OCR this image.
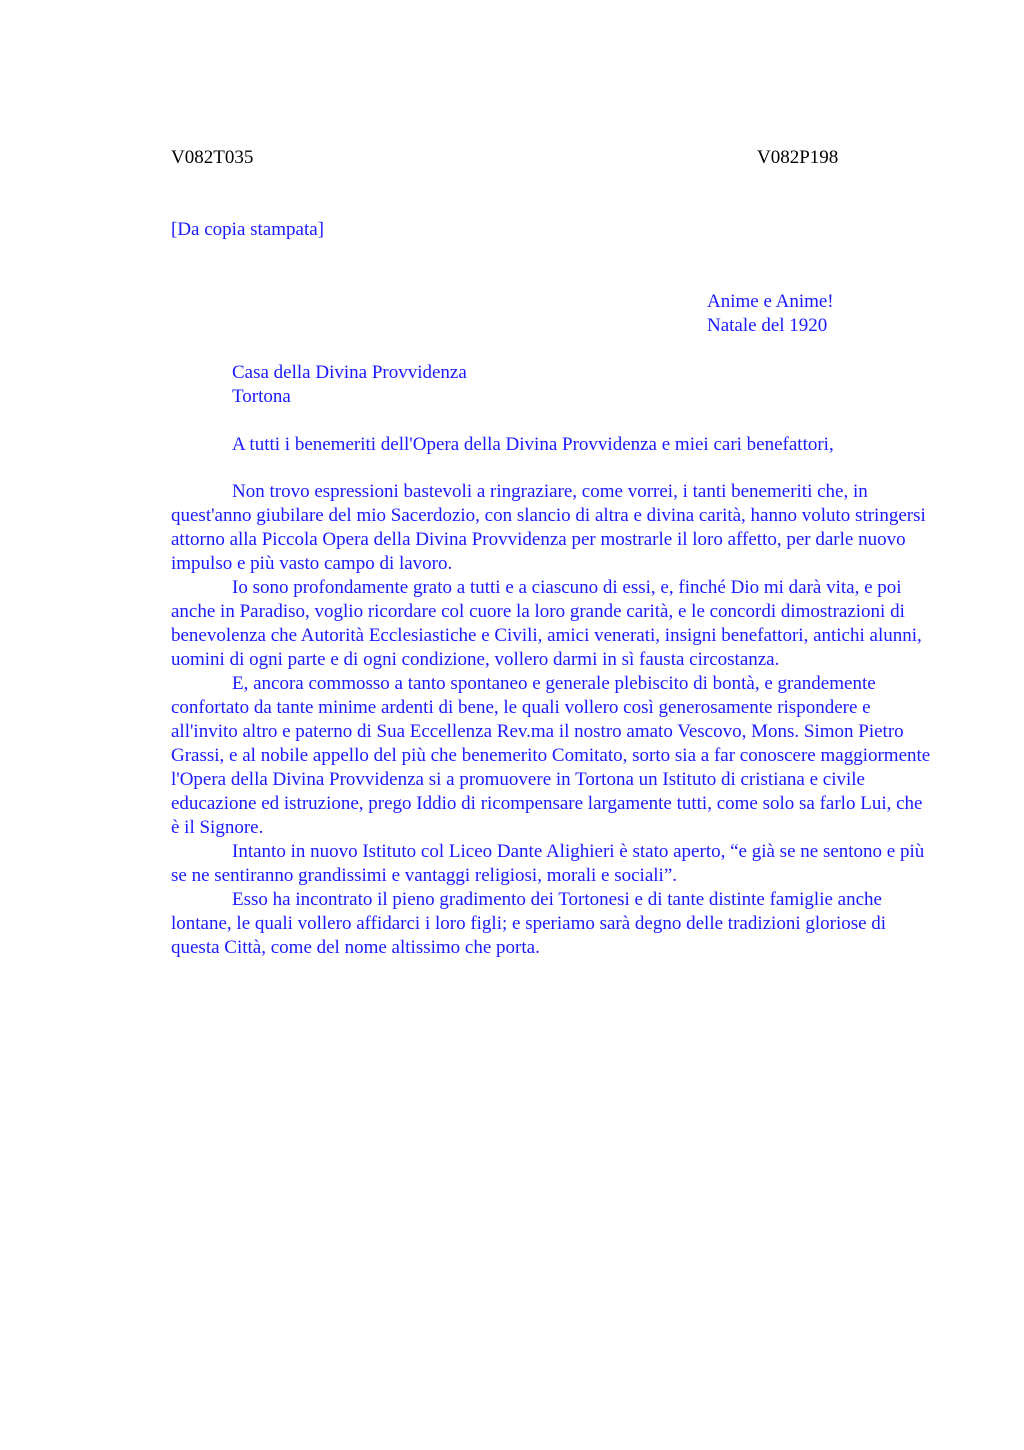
V082T035	V082P198
[Da copia stampata]
Anime e Anime!
Natale del 1920
Casa della Divina Provvidenza
Tortona
A tutti i benemeriti dell'Opera della Divina Provvidenza e miei cari benefattori,

Non trovo espressioni bastevoli a ringraziare, come vorrei, i tanti benemeriti che, in quest'anno giubilare del mio Sacerdozio, con slancio di altra e divina carità, hanno voluto stringersi attorno alla Piccola Opera della Divina Provvidenza per mostrarle il loro affetto, per darle nuovo impulso e più vasto campo di lavoro.

Io sono profondamente grato a tutti e a ciascuno di essi, e, finché Dio mi darà vita, e poi anche in Paradiso, voglio ricordare col cuore la loro grande carità, e le concordi dimostrazioni di benevolenza che Autorità Ecclesiastiche e Civili, amici venerati, insigni benefattori, antichi alunni, uomini di ogni parte e di ogni condizione, vollero darmi in sì fausta circostanza.

E, ancora commosso a tanto spontaneo e generale plebiscito di bontà, e grandemente confortato da tante minime ardenti di bene, le quali vollero così generosamente rispondere e all'invito altro e paterno di Sua Eccellenza Rev.ma il nostro amato Vescovo, Mons. Simon Pietro Grassi, e al nobile appello del più che benemerito Comitato, sorto sia a far conoscere maggiormente l'Opera della Divina Provvidenza si a promuovere in Tortona un Istituto di cristiana e civile educazione ed istruzione, prego Iddio di ricompensare largamente tutti, come solo sa farlo Lui, che è il Signore.

Intanto in nuovo Istituto col Liceo Dante Alighieri è stato aperto, “e già se ne sentono e più se ne sentiranno grandissimi e vantaggi religiosi, morali e sociali”.

Esso ha incontrato il pieno gradimento dei Tortonesi e di tante distinte famiglie anche lontane, le quali vollero affidarci i loro figli; e speriamo sarà degno delle tradizioni gloriose di questa Città, come del nome altissimo che porta.
